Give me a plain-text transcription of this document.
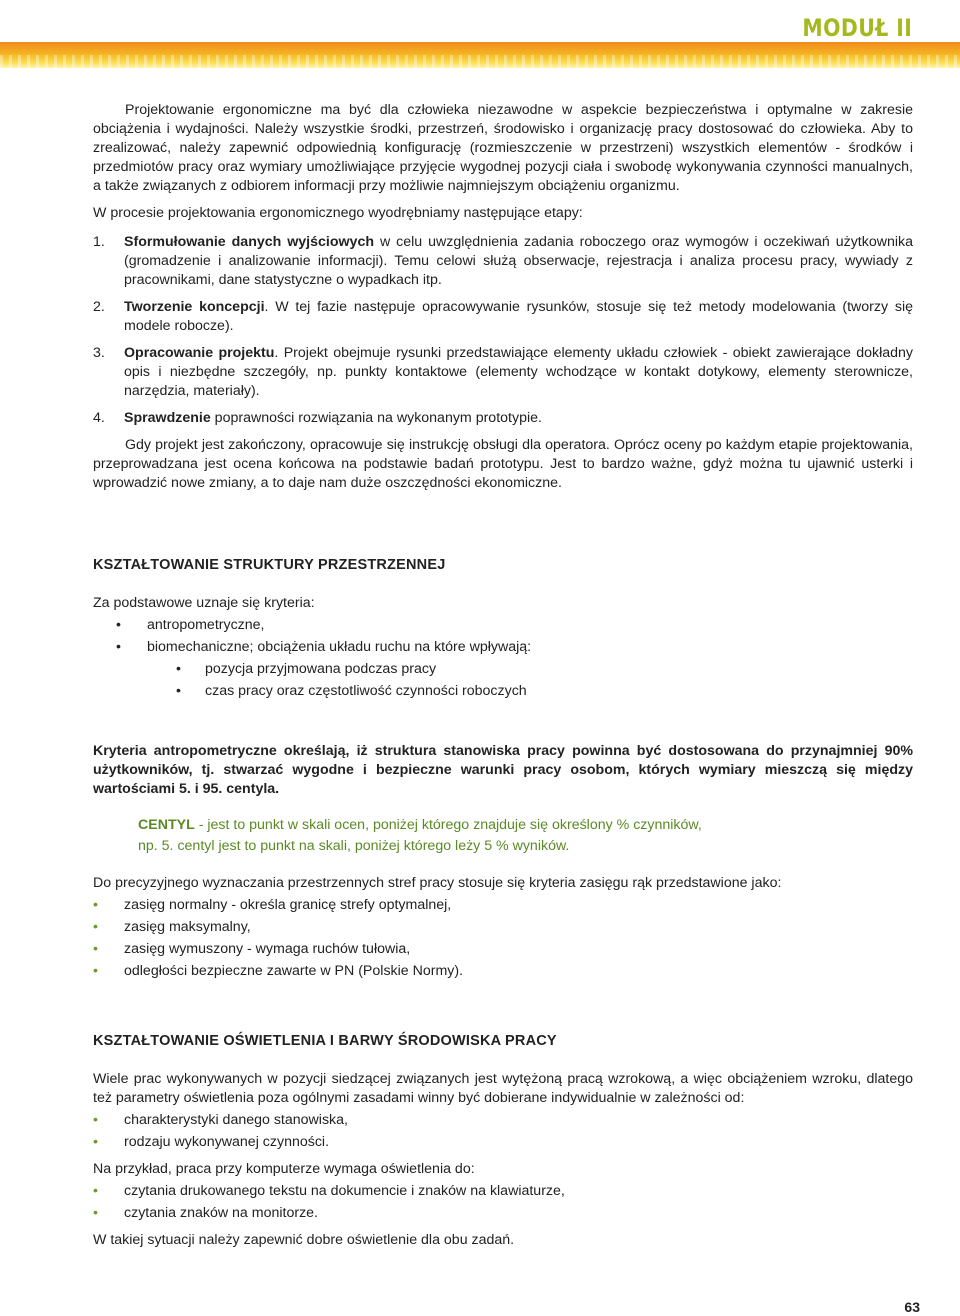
MODUŁ II

Projektowanie ergonomiczne ma być dla człowieka niezawodne w aspekcie bezpieczeństwa i optymalne w zakresie obciążenia i wydajności. Należy wszystkie środki, przestrzeń, środowisko i organizację pracy dostosować do człowieka. Aby to zrealizować, należy zapewnić odpowiednią konfigurację (rozmieszczenie w przestrzeni) wszystkich elementów - środków i przedmiotów pracy oraz wymiary umożliwiające przyjęcie wygodnej pozycji ciała i swobodę wykonywania czynności manualnych, a także związanych z odbiorem informacji przy możliwie najmniejszym obciążeniu organizmu.

W procesie projektowania ergonomicznego wyodrębniamy następujące etapy:

1. Sformułowanie danych wyjściowych w celu uwzględnienia zadania roboczego oraz wymogów i oczekiwań użytkownika (gromadzenie i analizowanie informacji). Temu celowi służą obserwacje, rejestracja i analiza procesu pracy, wywiady z pracownikami, dane statystyczne o wypadkach itp.
2. Tworzenie koncepcji. W tej fazie następuje opracowywanie rysunków, stosuje się też metody modelowania (tworzy się modele robocze).
3. Opracowanie projektu. Projekt obejmuje rysunki przedstawiające elementy układu człowiek - obiekt zawierające dokładny opis i niezbędne szczegóły, np. punkty kontaktowe (elementy wchodzące w kontakt dotykowy, elementy sterownicze, narzędzia, materiały).
4. Sprawdzenie poprawności rozwiązania na wykonanym prototypie.

Gdy projekt jest zakończony, opracowuje się instrukcję obsługi dla operatora. Oprócz oceny po każdym etapie projektowania, przeprowadzana jest ocena końcowa na podstawie badań prototypu. Jest to bardzo ważne, gdyż można tu ujawnić usterki i wprowadzić nowe zmiany, a to daje nam duże oszczędności ekonomiczne.

KSZTAŁTOWANIE STRUKTURY PRZESTRZENNEJ

Za podstawowe uznaje się kryteria:

• antropometryczne,
• biomechaniczne; obciążenia układu ruchu na które wpływają:
• pozycja przyjmowana podczas pracy
• czas pracy oraz częstotliwość czynności roboczych

Kryteria antropometryczne określają, iż struktura stanowiska pracy powinna być dostosowana do przynajmniej 90% użytkowników, tj. stwarzać wygodne i bezpieczne warunki pracy osobom, których wymiary mieszczą się między wartościami 5. i 95. centyla.

CENTYL - jest to punkt w skali ocen, poniżej którego znajduje się określony % czynników,

np. 5. centyl jest to punkt na skali, poniżej którego leży 5 % wyników.

Do precyzyjnego wyznaczania przestrzennych stref pracy stosuje się kryteria zasięgu rąk przedstawione jako:

• zasięg normalny - określa granicę strefy optymalnej,
• zasięg maksymalny,
• zasięg wymuszony - wymaga ruchów tułowia,
• odległości bezpieczne zawarte w PN (Polskie Normy).
KSZTAŁTOWANIE OŚWIETLENIA I BARWY ŚRODOWISKA PRACY

Wiele prac wykonywanych w pozycji siedzącej związanych jest wytężoną pracą wzrokową, a więc obciążeniem wzroku, dlatego też parametry oświetlenia poza ogólnymi zasadami winny być dobierane indywidualnie w zależności od:

• charakterystyki danego stanowiska,
• rodzaju wykonywanej czynności.

Na przykład, praca przy komputerze wymaga oświetlenia do:

• czytania drukowanego tekstu na dokumencie i znaków na klawiaturze,
• czytania znaków na monitorze.

W takiej sytuacji należy zapewnić dobre oświetlenie dla obu zadań.

63
